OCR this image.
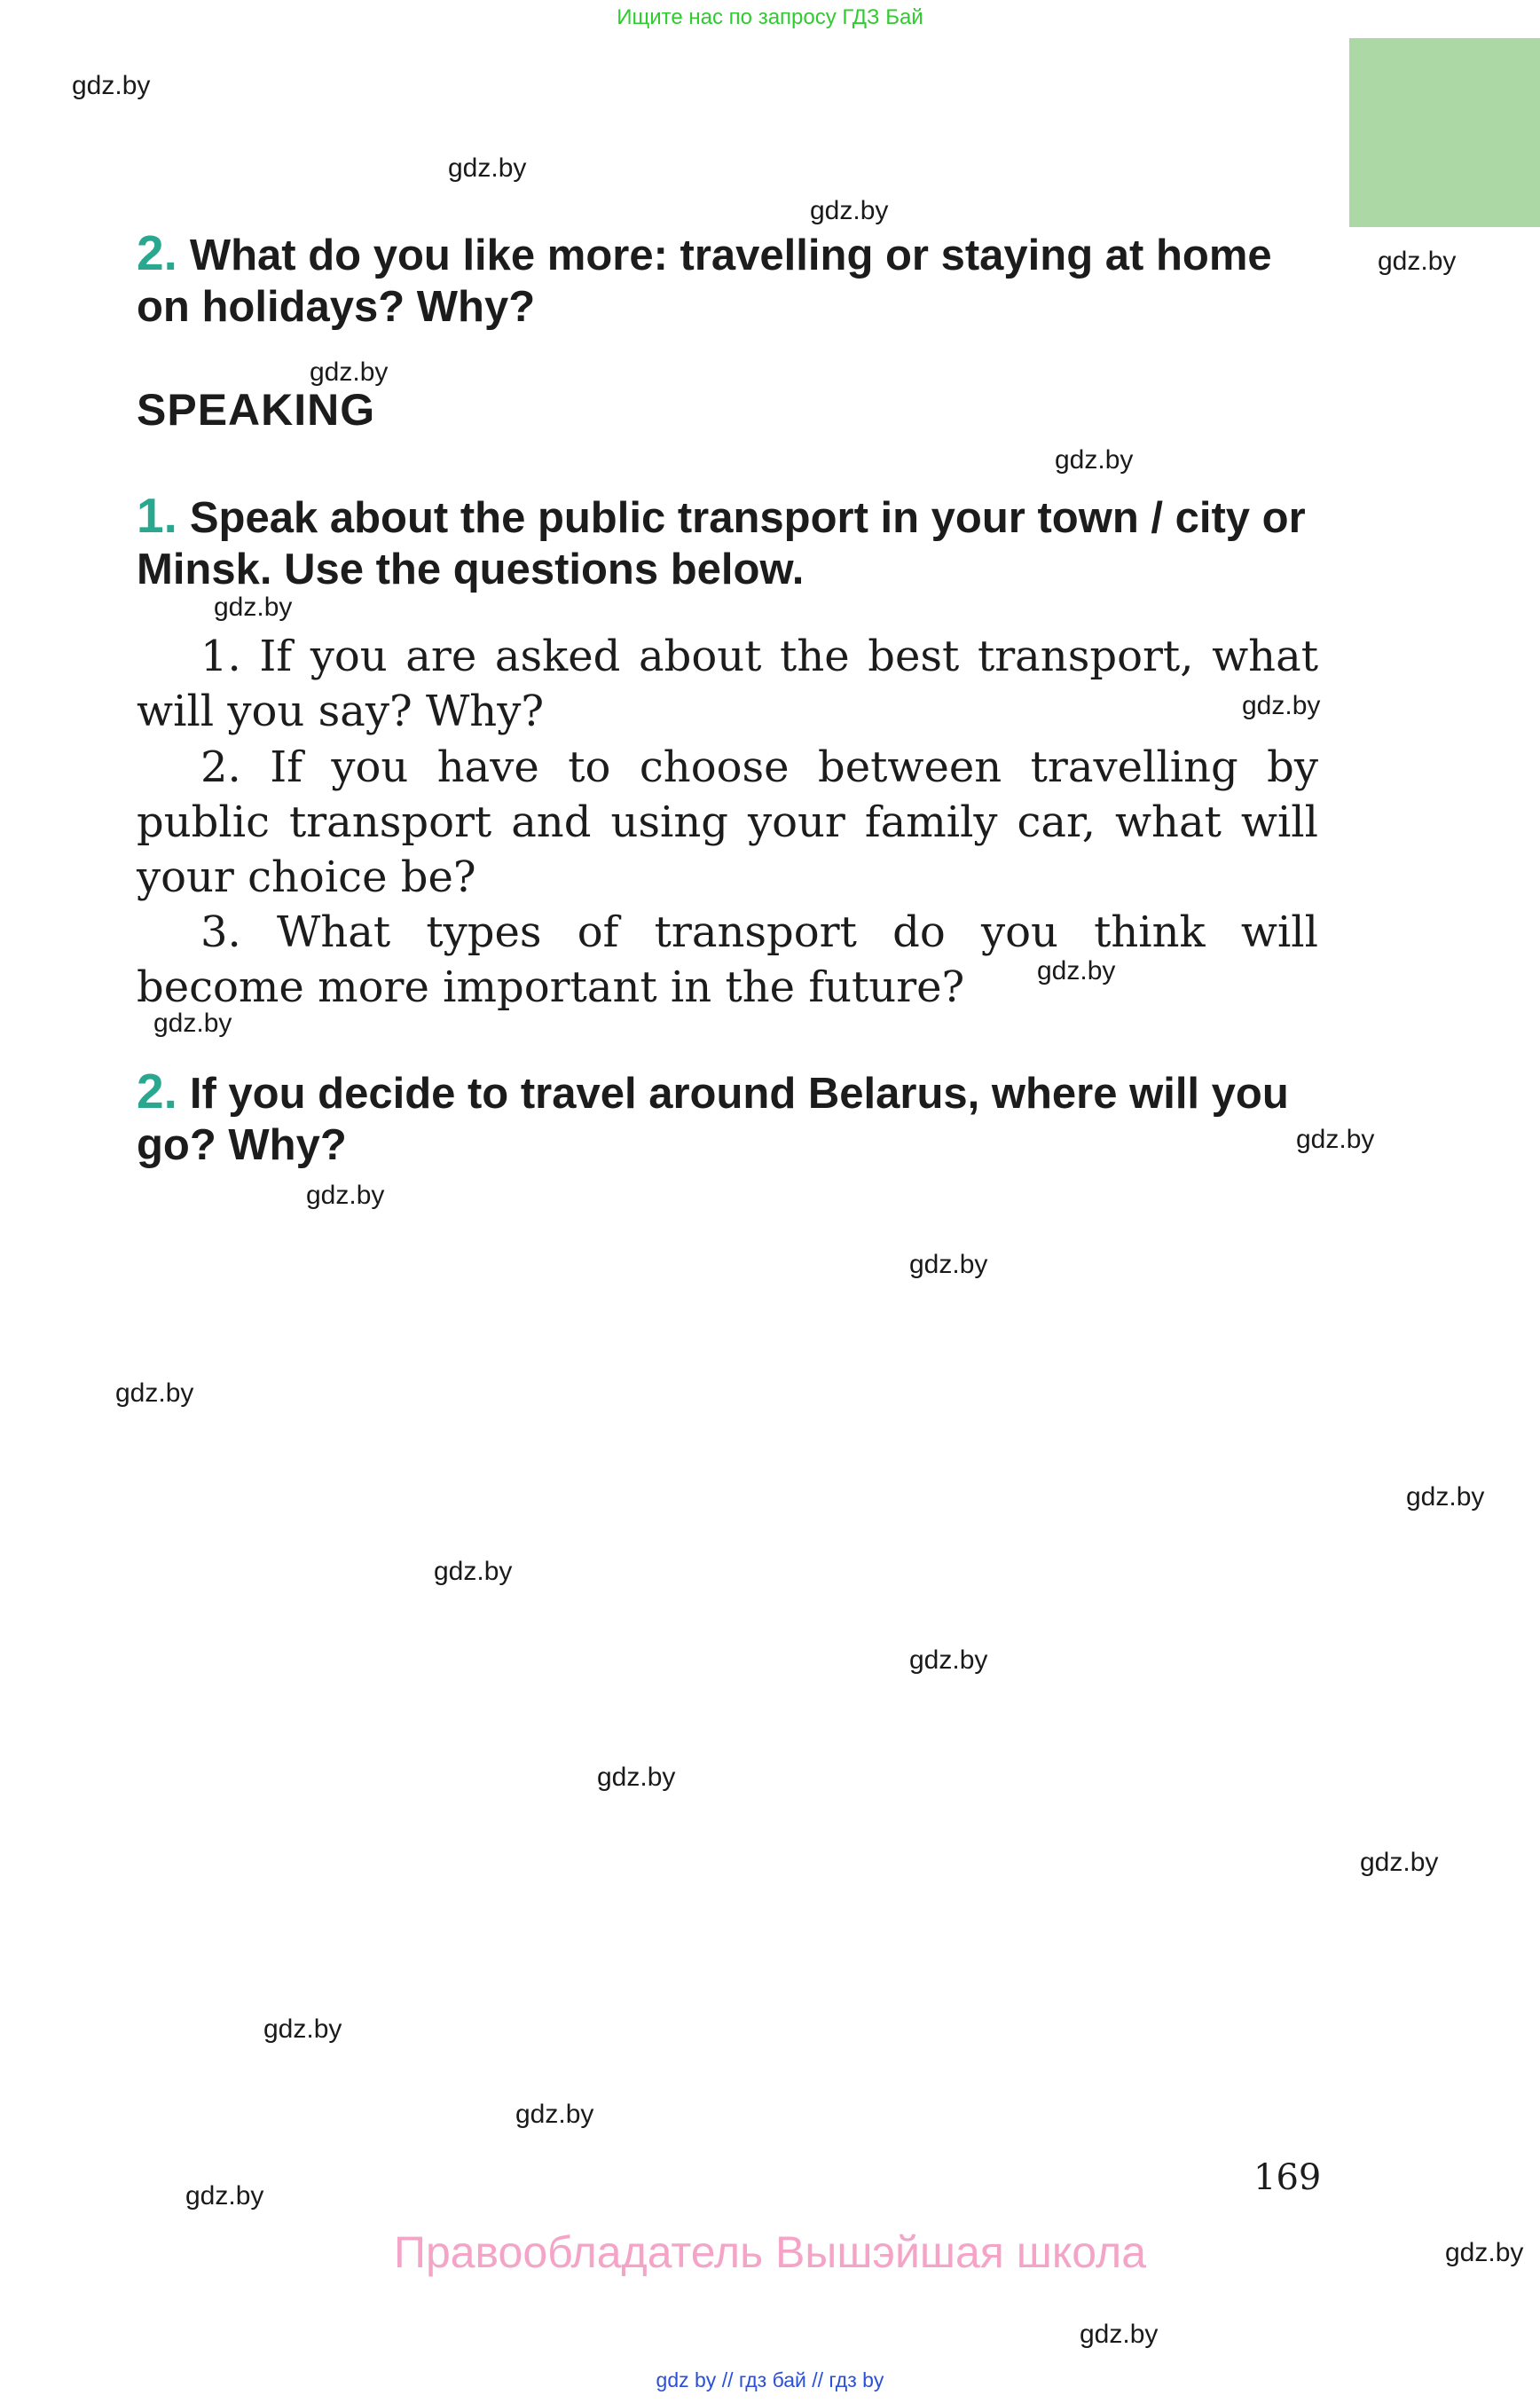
Ищите нас по запросу ГДЗ Бай
gdz.by
gdz.by
gdz.by
gdz.by
gdz.by
gdz.by
gdz.by
gdz.by
gdz.by
gdz.by
gdz.by
gdz.by
gdz.by
gdz.by
gdz.by
gdz.by
gdz.by
gdz.by
gdz.by
gdz.by
gdz.by
gdz.by
gdz.by
gdz.by
2. What do you like more: travelling or staying at home on holidays? Why?
SPEAKING
1. Speak about the public transport in your town / city or Minsk. Use the questions below.
1. If you are asked about the best transport, what will you say? Why?
2. If you have to choose between travelling by public transport and using your family car, what will your choice be?
3. What types of transport do you think will become more important in the future?
2. If you decide to travel around Belarus, where will you go? Why?
169
Правообладатель Вышэйшая школа
gdz by // гдз бай // гдз by
